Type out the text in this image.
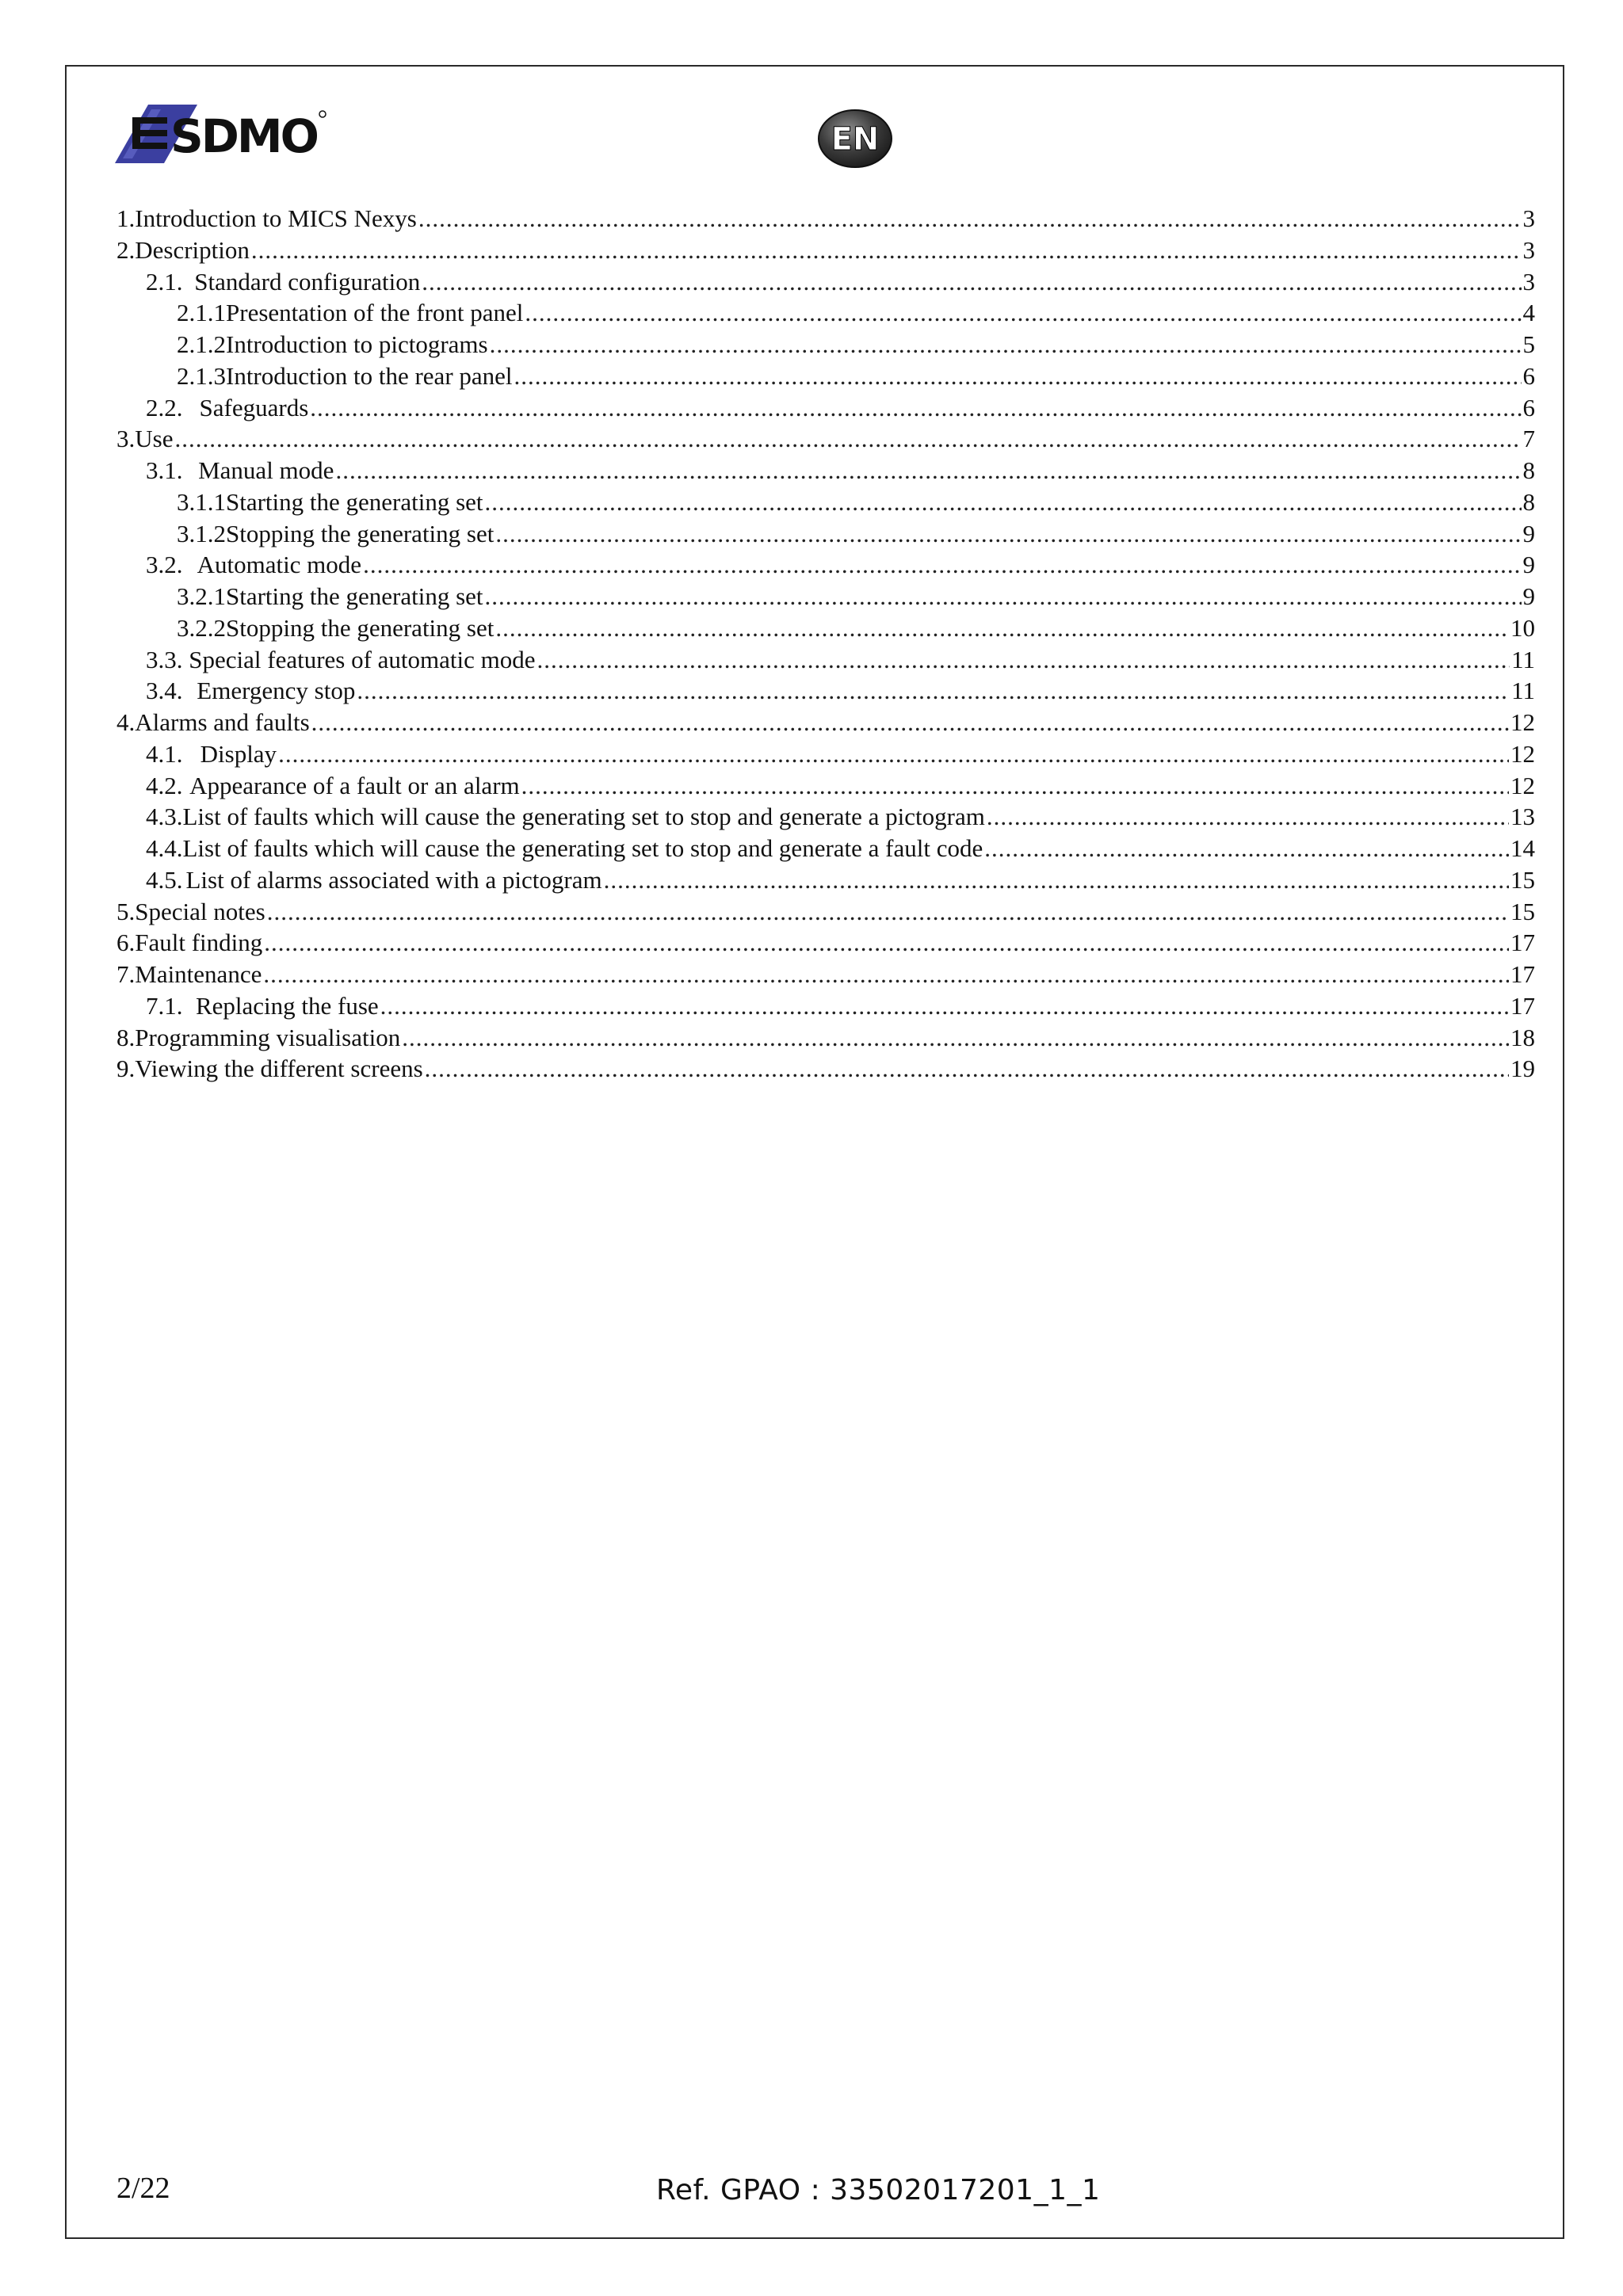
SDMO	EN
1. Introduction to MICS Nexys .....	3
2. Description .....	3
2.1. Standard configuration .....	3
2.1.1 Presentation of the front panel .....	4
2.1.2 Introduction to pictograms .....	5
2.1.3 Introduction to the rear panel .....	6
2.2. Safeguards .....	6
3. Use .....	7
3.1. Manual mode .....	8
3.1.1 Starting the generating set .....	8
3.1.2 Stopping the generating set .....	9
3.2. Automatic mode .....	9
3.2.1 Starting the generating set .....	9
3.2.2 Stopping the generating set .....	10
3.3. Special features of automatic mode .....	11
3.4. Emergency stop .....	11
4. Alarms and faults .....	12
4.1. Display .....	12
4.2. Appearance of a fault or an alarm .....	12
4.3. List of faults which will cause the generating set to stop and generate a pictogram .....	13
4.4. List of faults which will cause the generating set to stop and generate a fault code .....	14
4.5. List of alarms associated with a pictogram .....	15
5. Special notes .....	15
6. Fault finding .....	17
7. Maintenance .....	17
7.1. Replacing the fuse .....	17
8. Programming visualisation .....	18
9. Viewing the different screens .....	19
2/22	Ref. GPAO : 33502017201_1_1
